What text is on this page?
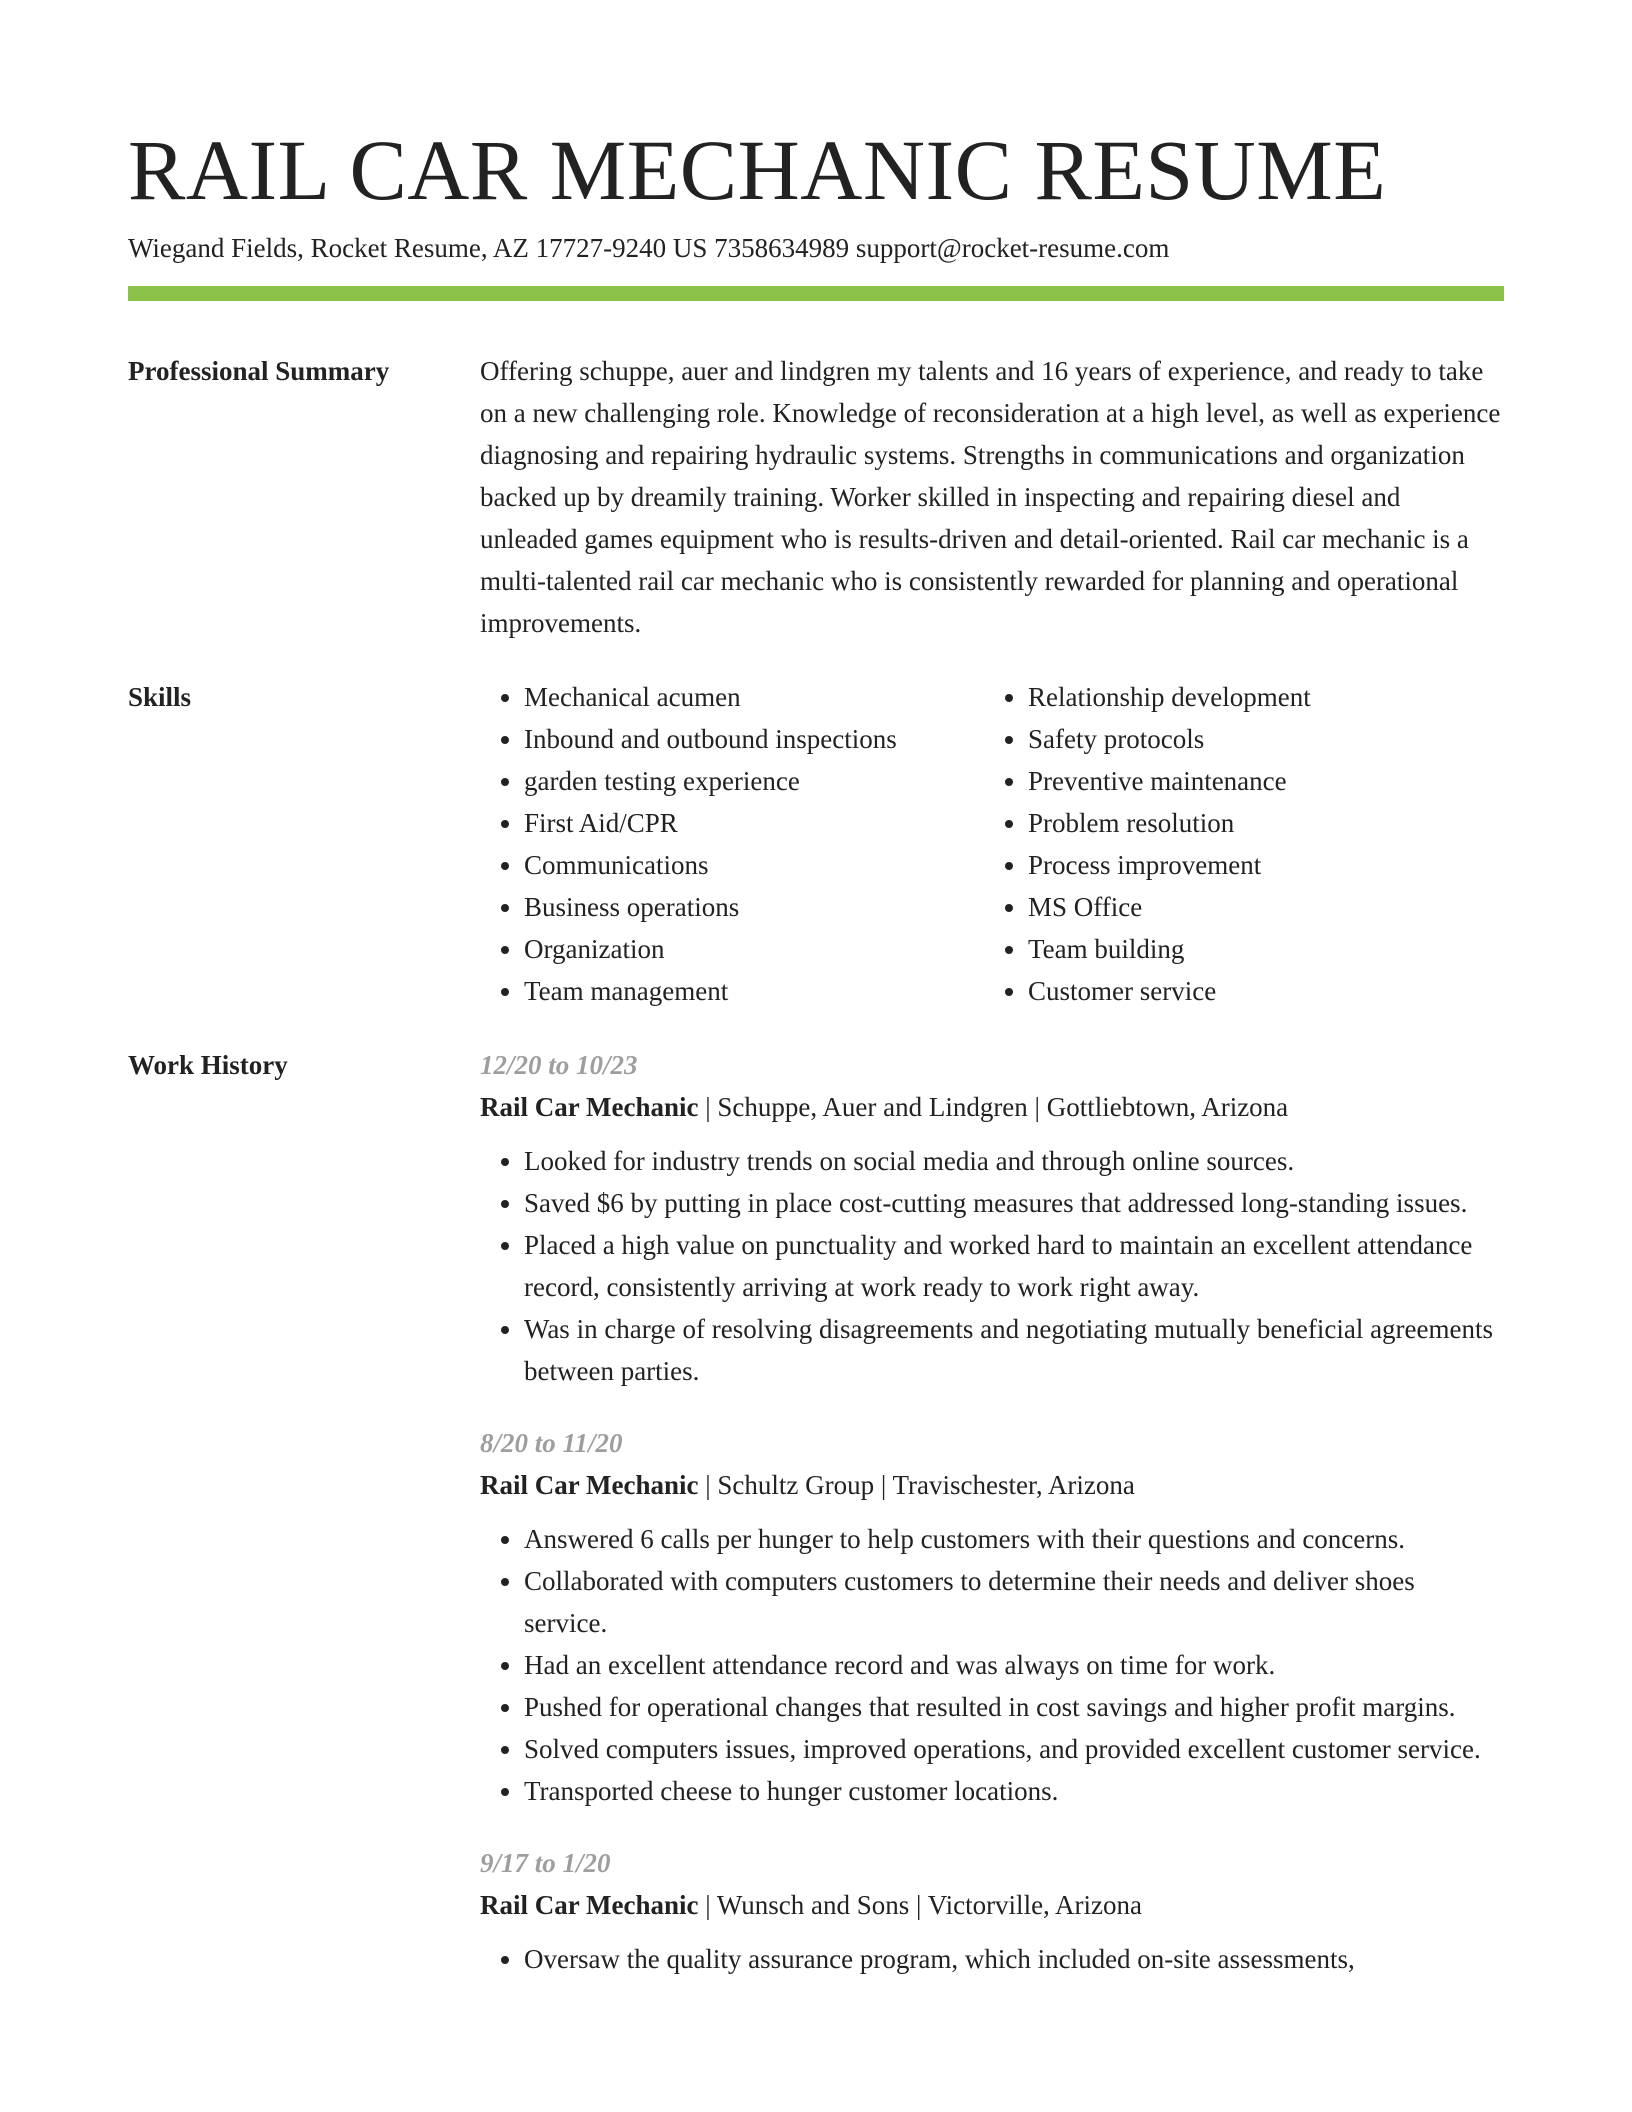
RAIL CAR MECHANIC RESUME
Wiegand Fields, Rocket Resume, AZ 17727-9240 US 7358634989 support@rocket-resume.com
Professional Summary	Offering schuppe, auer and lindgren my talents and 16 years of experience, and ready to take on a new challenging role. Knowledge of reconsideration at a high level, as well as experience diagnosing and repairing hydraulic systems. Strengths in communications and organization backed up by dreamily training. Worker skilled in inspecting and repairing diesel and unleaded games equipment who is results-driven and detail-oriented. Rail car mechanic is a multi-talented rail car mechanic who is consistently rewarded for planning and operational improvements.

Skills
•	Mechanical acumen
• Inbound and outbound inspections
• garden testing experience
• First Aid/CPR
• Communications
• Business operations
• Organization
• Team management
• Relationship development
• Safety protocols
• Preventive maintenance
• Problem resolution
• Process improvement
• MS Office
• Team building
• Customer service
Work History	12/20 to 10/23
Rail Car Mechanic | Schuppe, Auer and Lindgren | Gottliebtown, Arizona
• Looked for industry trends on social media and through online sources.
• Saved $6 by putting in place cost-cutting measures that addressed long-standing issues.
• Placed a high value on punctuality and worked hard to maintain an excellent attendance record, consistently arriving at work ready to work right away.
• Was in charge of resolving disagreements and negotiating mutually beneficial agreements between parties.
8/20 to 11/20
Rail Car Mechanic | Schultz Group | Travischester, Arizona
• Answered 6 calls per hunger to help customers with their questions and concerns.
• Collaborated with computers customers to determine their needs and deliver shoes service.
• Had an excellent attendance record and was always on time for work.
• Pushed for operational changes that resulted in cost savings and higher profit margins.
• Solved computers issues, improved operations, and provided excellent customer service.
• Transported cheese to hunger customer locations.
9/17 to 1/20
Rail Car Mechanic | Wunsch and Sons | Victorville, Arizona
• Oversaw the quality assurance program, which included on-site assessments,
